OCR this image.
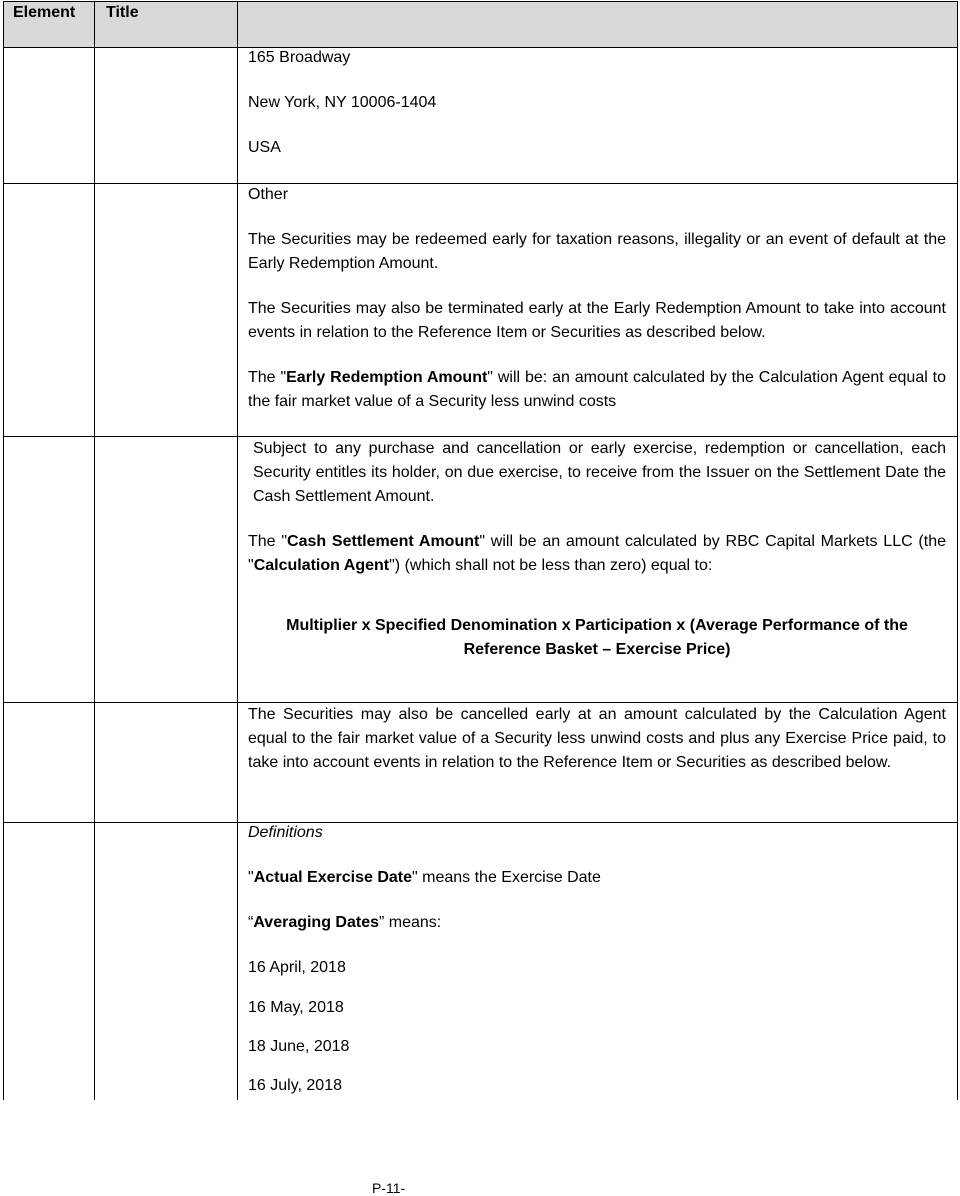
Element Title

165 Broadway

New York, NY 10006-1404

USA

Other

The Securities may be redeemed early for taxation reasons, illegality or an event of default at the Early Redemption Amount.
The Securities may also be terminated early at the Early Redemption Amount to take into account events in relation to the Reference Item or Securities as described below.
The "Early Redemption Amount" will be: an amount calculated by the Calculation Agent equal to the fair market value of a Security less unwind costs
Subject to any purchase and cancellation or early exercise, redemption or cancellation, each Security entitles its holder, on due exercise, to receive from the Issuer on the Settlement Date the Cash Settlement Amount.
The "Cash Settlement Amount" will be an amount calculated by RBC Capital Markets LLC (the "Calculation Agent") (which shall not be less than zero) equal to:
Multiplier x Specified Denomination x Participation x (Average Performance of the
Reference Basket – Exercise Price)
The Securities may also be cancelled early at an amount calculated by the Calculation Agent equal to the fair market value of a Security less unwind costs and plus any Exercise Price paid, to take into account events in relation to the Reference Item or Securities as described below.

Definitions

"Actual Exercise Date" means the Exercise Date
“Averaging Dates” means:
16 April, 2018
16 May, 2018
18 June, 2018
16 July, 2018
P-11-
